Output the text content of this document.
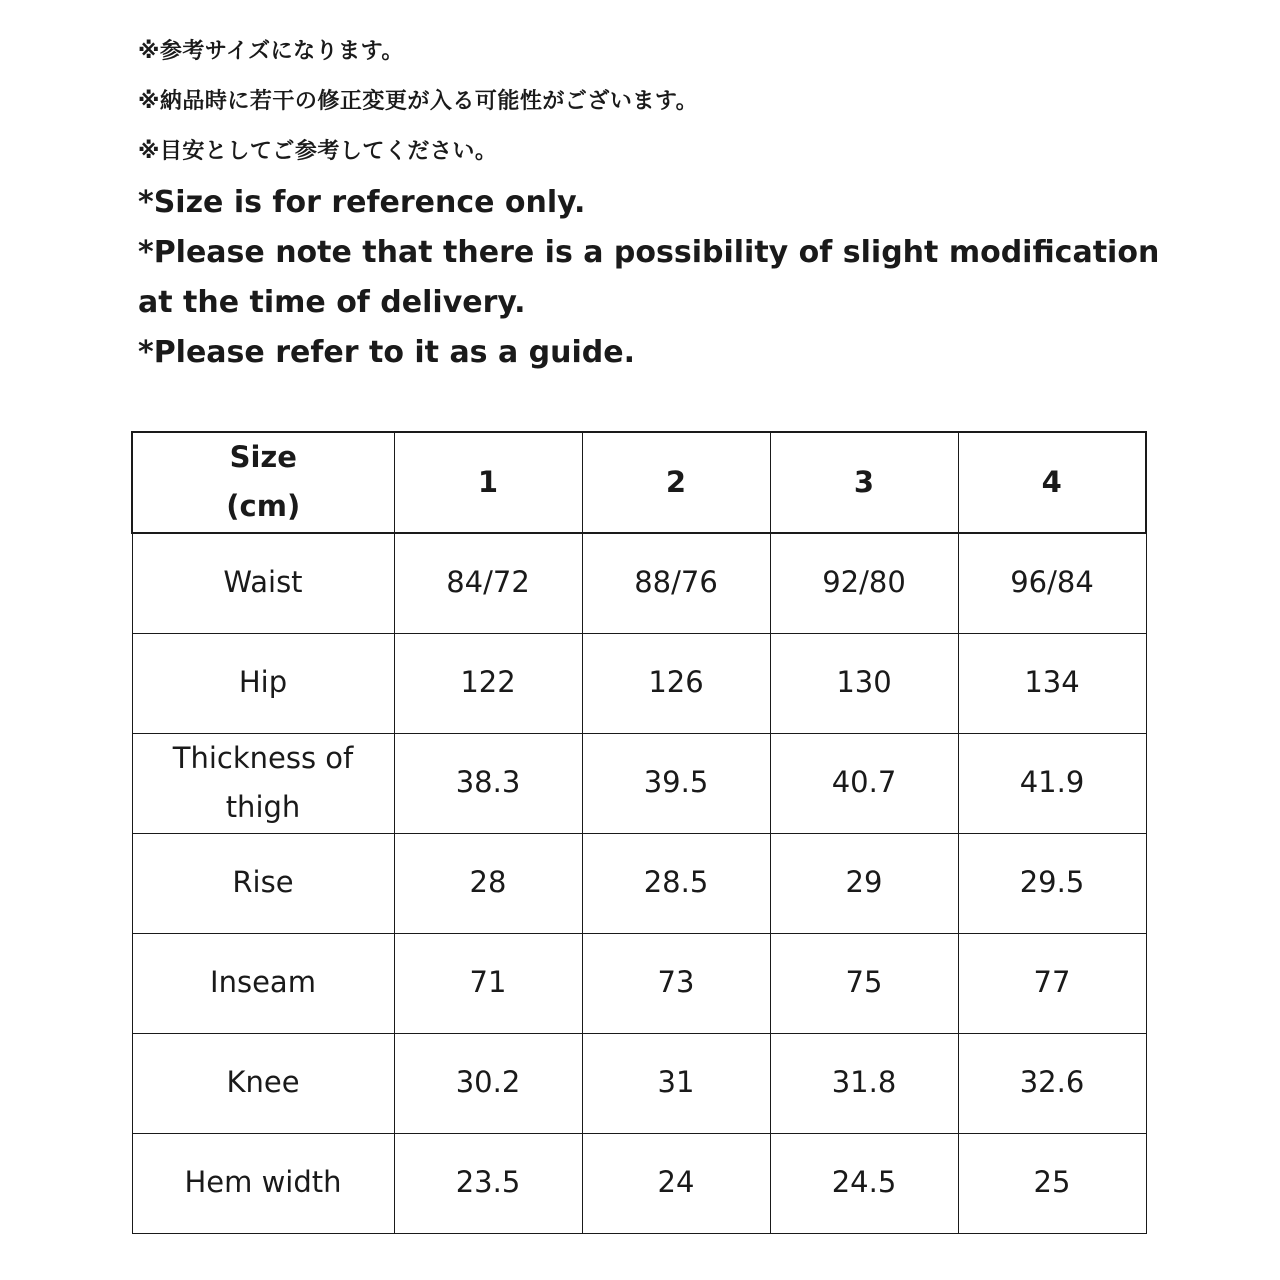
※参考サイズになります。
※納品時に若干の修正変更が入る可能性がございます。
※目安としてご参考してください。
*Size is for reference only.
*Please note that there is a possibility of slight modification at the time of delivery.
*Please refer to it as a guide.
Size
(cm)	1	2	3	4
Waist	84/72	88/76	92/80	96/84
Hip	122	126	130	134
Thickness of thigh	38.3	39.5	40.7	41.9
Rise	28	28.5	29	29.5
Inseam	71	73	75	77
Knee	30.2	31	31.8	32.6
Hem width	23.5	24	24.5	25
